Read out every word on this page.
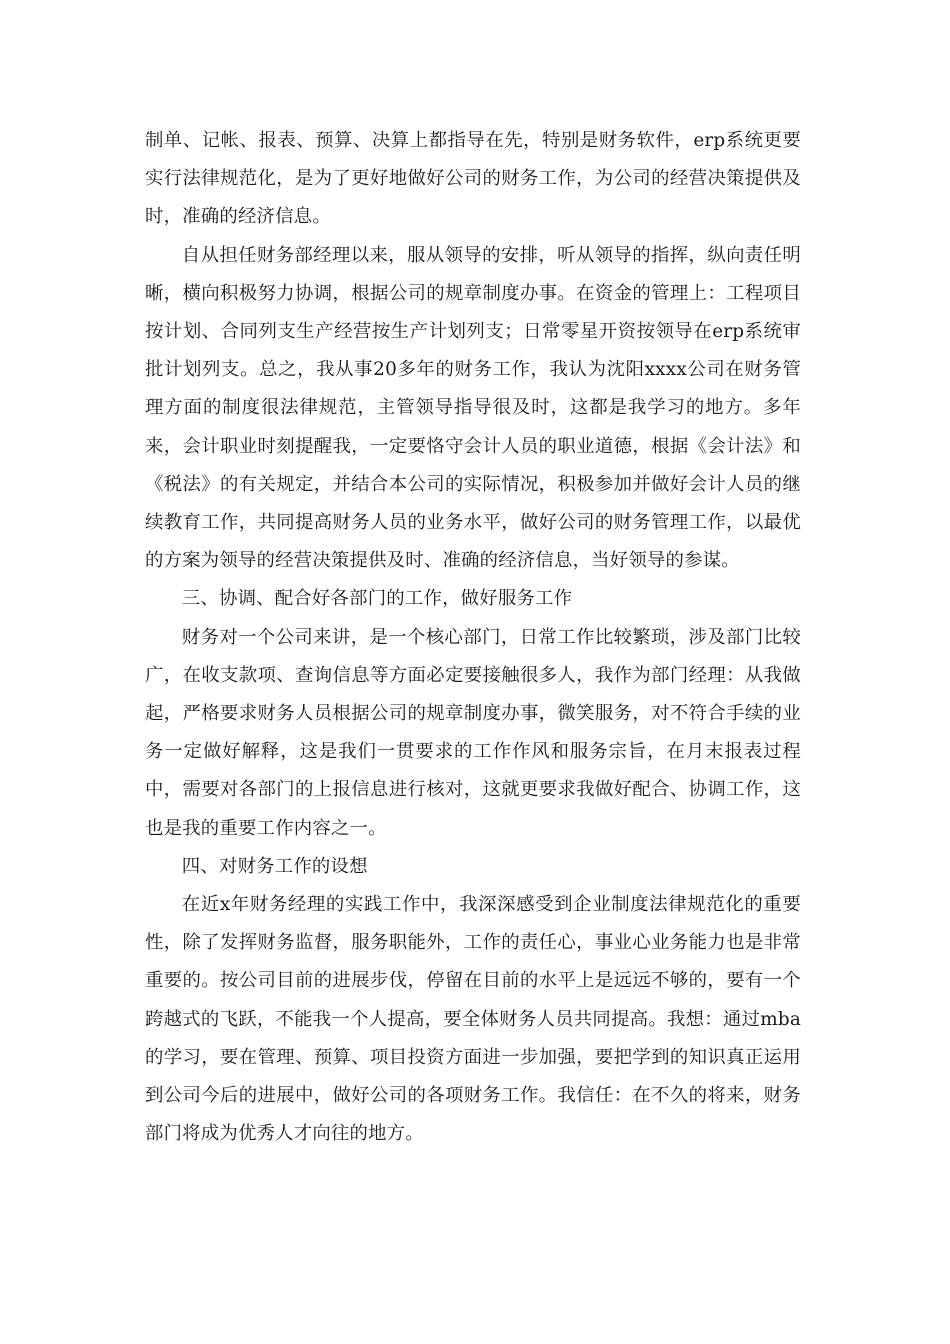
制单、记帐、报表、预算、决算上都指导在先，特别是财务软件，erp系统更要实行法律规范化，是为了更好地做好公司的财务工作，为公司的经营决策提供及时，准确的经济信息。

自从担任财务部经理以来，服从领导的安排，听从领导的指挥，纵向责任明晰，横向积极努力协调，根据公司的规章制度办事。在资金的管理上：工程项目按计划、合同列支生产经营按生产计划列支；日常零星开资按领导在erp系统审批计划列支。总之，我从事20多年的财务工作，我认为沈阳xxxx公司在财务管理方面的制度很法律规范，主管领导指导很及时，这都是我学习的地方。多年来，会计职业时刻提醒我，一定要恪守会计人员的职业道德，根据《会计法》和《税法》的有关规定，并结合本公司的实际情况，积极参加并做好会计人员的继续教育工作，共同提高财务人员的业务水平，做好公司的财务管理工作，以最优的方案为领导的经营决策提供及时、准确的经济信息，当好领导的参谋。

三、协调、配合好各部门的工作，做好服务工作

财务对一个公司来讲，是一个核心部门，日常工作比较繁琐，涉及部门比较广，在收支款项、查询信息等方面必定要接触很多人，我作为部门经理：从我做起，严格要求财务人员根据公司的规章制度办事，微笑服务，对不符合手续的业务一定做好解释，这是我们一贯要求的工作作风和服务宗旨，在月末报表过程中，需要对各部门的上报信息进行核对，这就更要求我做好配合、协调工作，这也是我的重要工作内容之一。

四、对财务工作的设想

在近x年财务经理的实践工作中，我深深感受到企业制度法律规范化的重要性，除了发挥财务监督，服务职能外，工作的责任心，事业心业务能力也是非常重要的。按公司目前的进展步伐，停留在目前的水平上是远远不够的，要有一个跨越式的飞跃，不能我一个人提高，要全体财务人员共同提高。我想：通过mba的学习，要在管理、预算、项目投资方面进一步加强，要把学到的知识真正运用到公司今后的进展中，做好公司的各项财务工作。我信任：在不久的将来，财务部门将成为优秀人才向往的地方。
